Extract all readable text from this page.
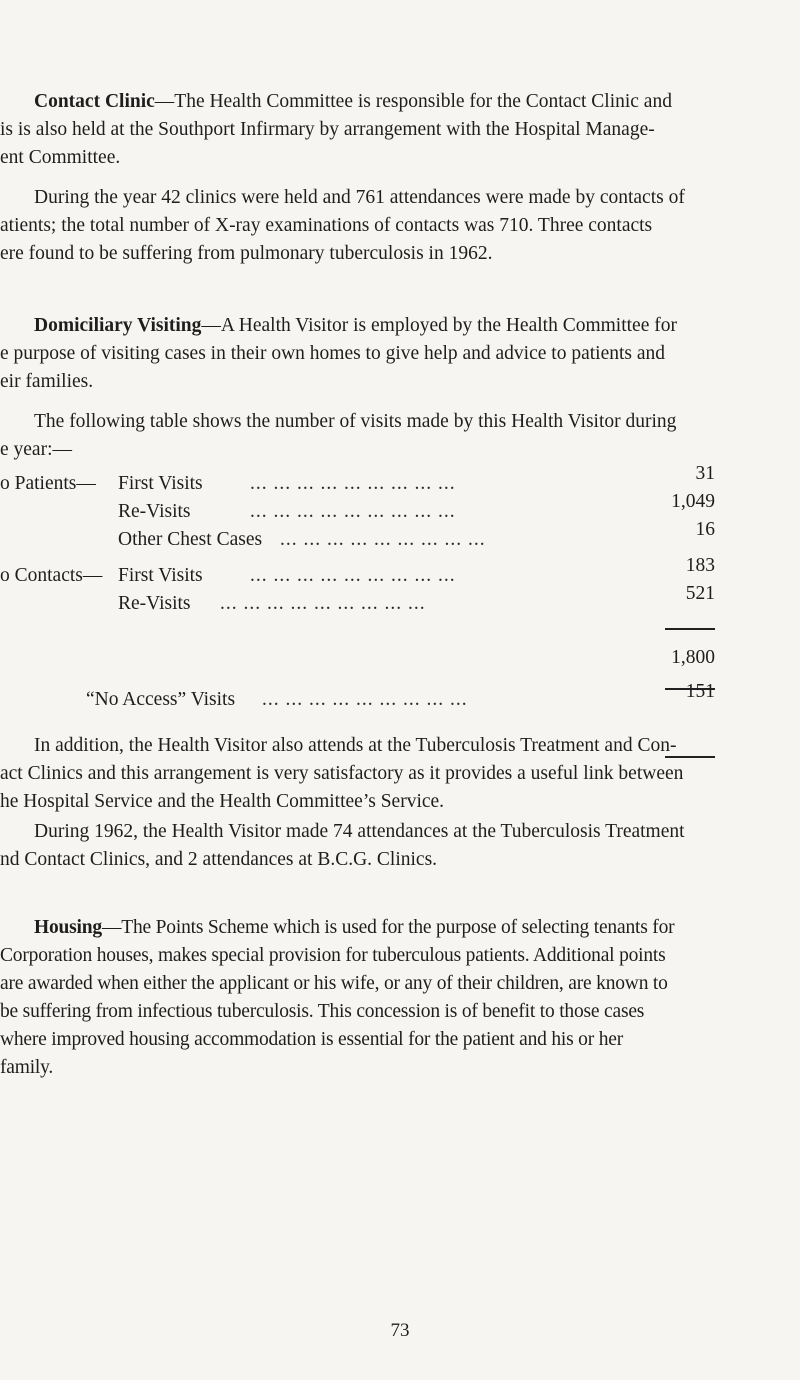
Contact Clinic—The Health Committee is responsible for the Contact Clinic and
is is also held at the Southport Infirmary by arrangement with the Hospital Manage-
ent Committee.

During the year 42 clinics were held and 761 attendances were made by contacts of
atients; the total number of X-ray examinations of contacts was 710. Three contacts
ere found to be suffering from pulmonary tuberculosis in 1962.

Domiciliary Visiting—A Health Visitor is employed by the Health Committee for
e purpose of visiting cases in their own homes to give help and advice to patients and
eir families.

The following table shows the number of visits made by this Health Visitor during
e year:—

o Patients— First Visits ... ... ... ... ... ... ... ... ...	31
Re-Visits	... ... ... ... ... ... ... ... ...	1,049
Other Chest Cases ... ... ... ... ... ... ... ... ...	16
o Contacts— First Visits ... ... ... ... ... ... ... ... ...	183
Re-Visits ... ... ... ... ... ... ... ... ...	521
1,800
“No Access” Visits ... ... ... ... ... ... ... ... ...	151

In addition, the Health Visitor also attends at the Tuberculosis Treatment and Con-
act Clinics and this arrangement is very satisfactory as it provides a useful link between
he Hospital Service and the Health Committee’s Service.

During 1962, the Health Visitor made 74 attendances at the Tuberculosis Treatment
nd Contact Clinics, and 2 attendances at B.C.G. Clinics.

Housing—The Points Scheme which is used for the purpose of selecting tenants for
Corporation houses, makes special provision for tuberculous patients. Additional points
are awarded when either the applicant or his wife, or any of their children, are known to
be suffering from infectious tuberculosis. This concession is of benefit to those cases
where improved housing accommodation is essential for the patient and his or her
family.

73
